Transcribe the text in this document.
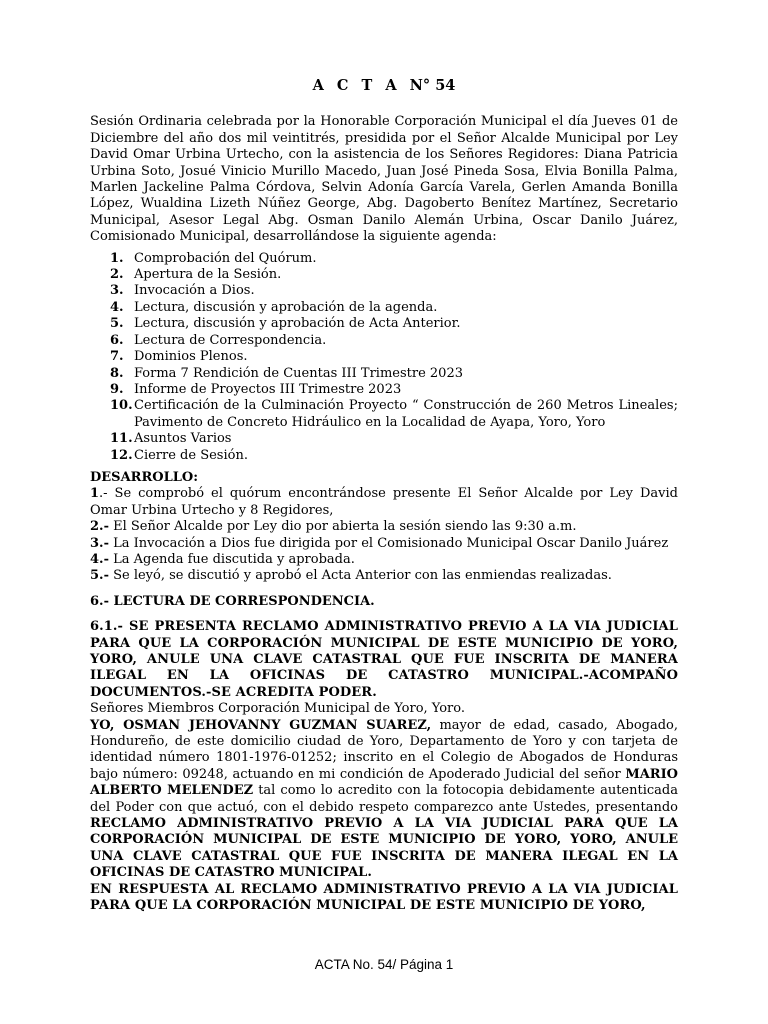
A C T A N° 54

Sesión Ordinaria celebrada por la Honorable Corporación Municipal el día Jueves 01 de Diciembre del año dos mil veintitrés, presidida por el Señor Alcalde Municipal por Ley David Omar Urbina Urtecho, con la asistencia de los Señores Regidores: Diana Patricia Urbina Soto, Josué Vinicio Murillo Macedo, Juan José Pineda Sosa, Elvia Bonilla Palma, Marlen Jackeline Palma Córdova, Selvin Adonía García Varela, Gerlen Amanda Bonilla López, Wualdina Lizeth Núñez George, Abg. Dagoberto Benítez Martínez, Secretario Municipal, Asesor Legal Abg. Osman Danilo Alemán Urbina, Oscar Danilo Juárez, Comisionado Municipal, desarrollándose la siguiente agenda:

1. Comprobación del Quórum.
2. Apertura de la Sesión.
3. Invocación a Dios.
4. Lectura, discusión y aprobación de la agenda.
5. Lectura, discusión y aprobación de Acta Anterior.
6. Lectura de Correspondencia.
7. Dominios Plenos.
8. Forma 7 Rendición de Cuentas III Trimestre 2023
9. Informe de Proyectos III Trimestre 2023
10. Certificación de la Culminación Proyecto “ Construcción de 260 Metros Lineales; Pavimento de Concreto Hidráulico en la Localidad de Ayapa, Yoro, Yoro
11. Asuntos Varios
12. Cierre de Sesión.

DESARROLLO:

1.- Se comprobó el quórum encontrándose presente El Señor Alcalde por Ley David Omar Urbina Urtecho y 8 Regidores,

2.- El Señor Alcalde por Ley dio por abierta la sesión siendo las 9:30 a.m.

3.- La Invocación a Dios fue dirigida por el Comisionado Municipal Oscar Danilo Juárez

4.- La Agenda fue discutida y aprobada.

5.- Se leyó, se discutió y aprobó el Acta Anterior con las enmiendas realizadas.

6.- LECTURA DE CORRESPONDENCIA.

6.1.- SE PRESENTA RECLAMO ADMINISTRATIVO PREVIO A LA VIA JUDICIAL PARA QUE LA CORPORACIÓN MUNICIPAL DE ESTE MUNICIPIO DE YORO, YORO, ANULE UNA CLAVE CATASTRAL QUE FUE INSCRITA DE MANERA ILEGAL EN LA OFICINAS DE CATASTRO MUNICIPAL.-ACOMPAÑO DOCUMENTOS.-SE ACREDITA PODER.

Señores Miembros Corporación Municipal de Yoro, Yoro.

YO, OSMAN JEHOVANNY GUZMAN SUAREZ, mayor de edad, casado, Abogado, Hondureño, de este domicilio ciudad de Yoro, Departamento de Yoro y con tarjeta de identidad número 1801-1976-01252; inscrito en el Colegio de Abogados de Honduras bajo número: 09248, actuando en mi condición de Apoderado Judicial del señor MARIO ALBERTO MELENDEZ tal como lo acredito con la fotocopia debidamente autenticada del Poder con que actuó, con el debido respeto comparezco ante Ustedes, presentando RECLAMO ADMINISTRATIVO PREVIO A LA VIA JUDICIAL PARA QUE LA CORPORACIÓN MUNICIPAL DE ESTE MUNICIPIO DE YORO, YORO, ANULE UNA CLAVE CATASTRAL QUE FUE INSCRITA DE MANERA ILEGAL EN LA OFICINAS DE CATASTRO MUNICIPAL.

EN RESPUESTA AL RECLAMO ADMINISTRATIVO PREVIO A LA VIA JUDICIAL PARA QUE LA CORPORACIÓN MUNICIPAL DE ESTE MUNICIPIO DE YORO,

ACTA No. 54/ Página 1
